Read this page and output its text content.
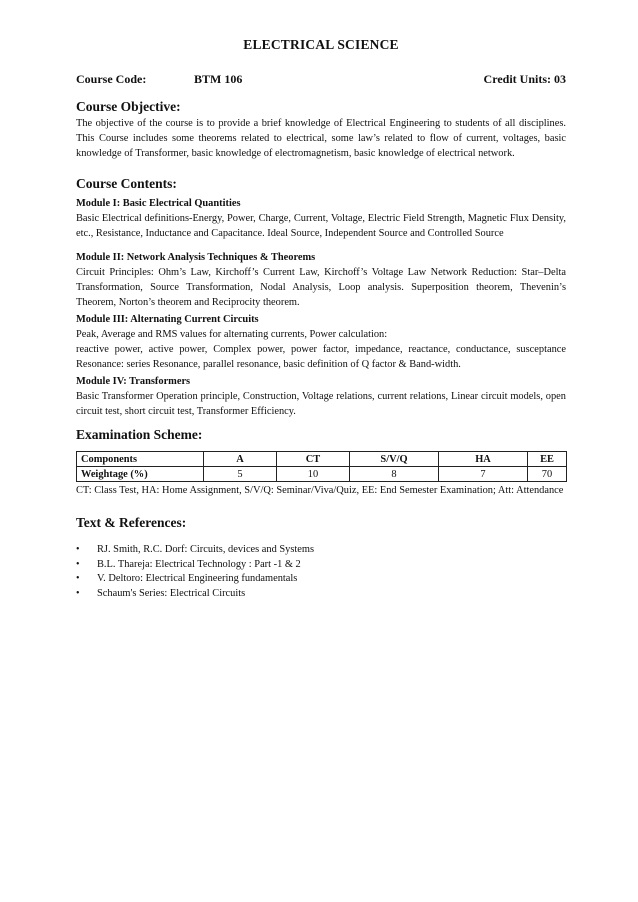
ELECTRICAL SCIENCE
Course Code:	BTM 106	Credit Units: 03
Course Objective:
The objective of the course is to provide a brief knowledge of Electrical Engineering to students of all disciplines. This Course includes some theorems related to electrical, some law’s related to flow of current, voltages, basic knowledge of Transformer, basic knowledge of electromagnetism, basic knowledge of electrical network.
Course Contents:
Module I: Basic Electrical Quantities
Basic Electrical definitions-Energy, Power, Charge, Current, Voltage, Electric Field Strength, Magnetic Flux Density, etc., Resistance, Inductance and Capacitance. Ideal Source, Independent Source and Controlled Source
Module II: Network Analysis Techniques & Theorems
Circuit Principles: Ohm’s Law, Kirchoff’s Current Law, Kirchoff’s Voltage Law Network Reduction: Star–Delta Transformation, Source Transformation, Nodal Analysis, Loop analysis. Superposition theorem, Thevenin’s Theorem, Norton’s theorem and Reciprocity theorem.
Module III: Alternating Current Circuits
Peak, Average and RMS values for alternating currents, Power calculation:
reactive power, active power, Complex power, power factor, impedance, reactance, conductance, susceptance Resonance: series Resonance, parallel resonance, basic definition of Q factor & Band-width.
Module IV: Transformers
Basic Transformer Operation principle, Construction, Voltage relations, current relations, Linear circuit models, open circuit test, short circuit test, Transformer Efficiency.
Examination Scheme:
Components	A	CT	S/V/Q	HA	EE
Weightage (%)	5	10	8	7	70
CT: Class Test, HA: Home Assignment, S/V/Q: Seminar/Viva/Quiz, EE: End Semester Examination; Att: Attendance
Text & References:
• RJ. Smith, R.C. Dorf: Circuits, devices and Systems
• B.L. Thareja: Electrical Technology : Part -1 & 2
• V. Deltoro: Electrical Engineering fundamentals
• Schaum's Series: Electrical Circuits
